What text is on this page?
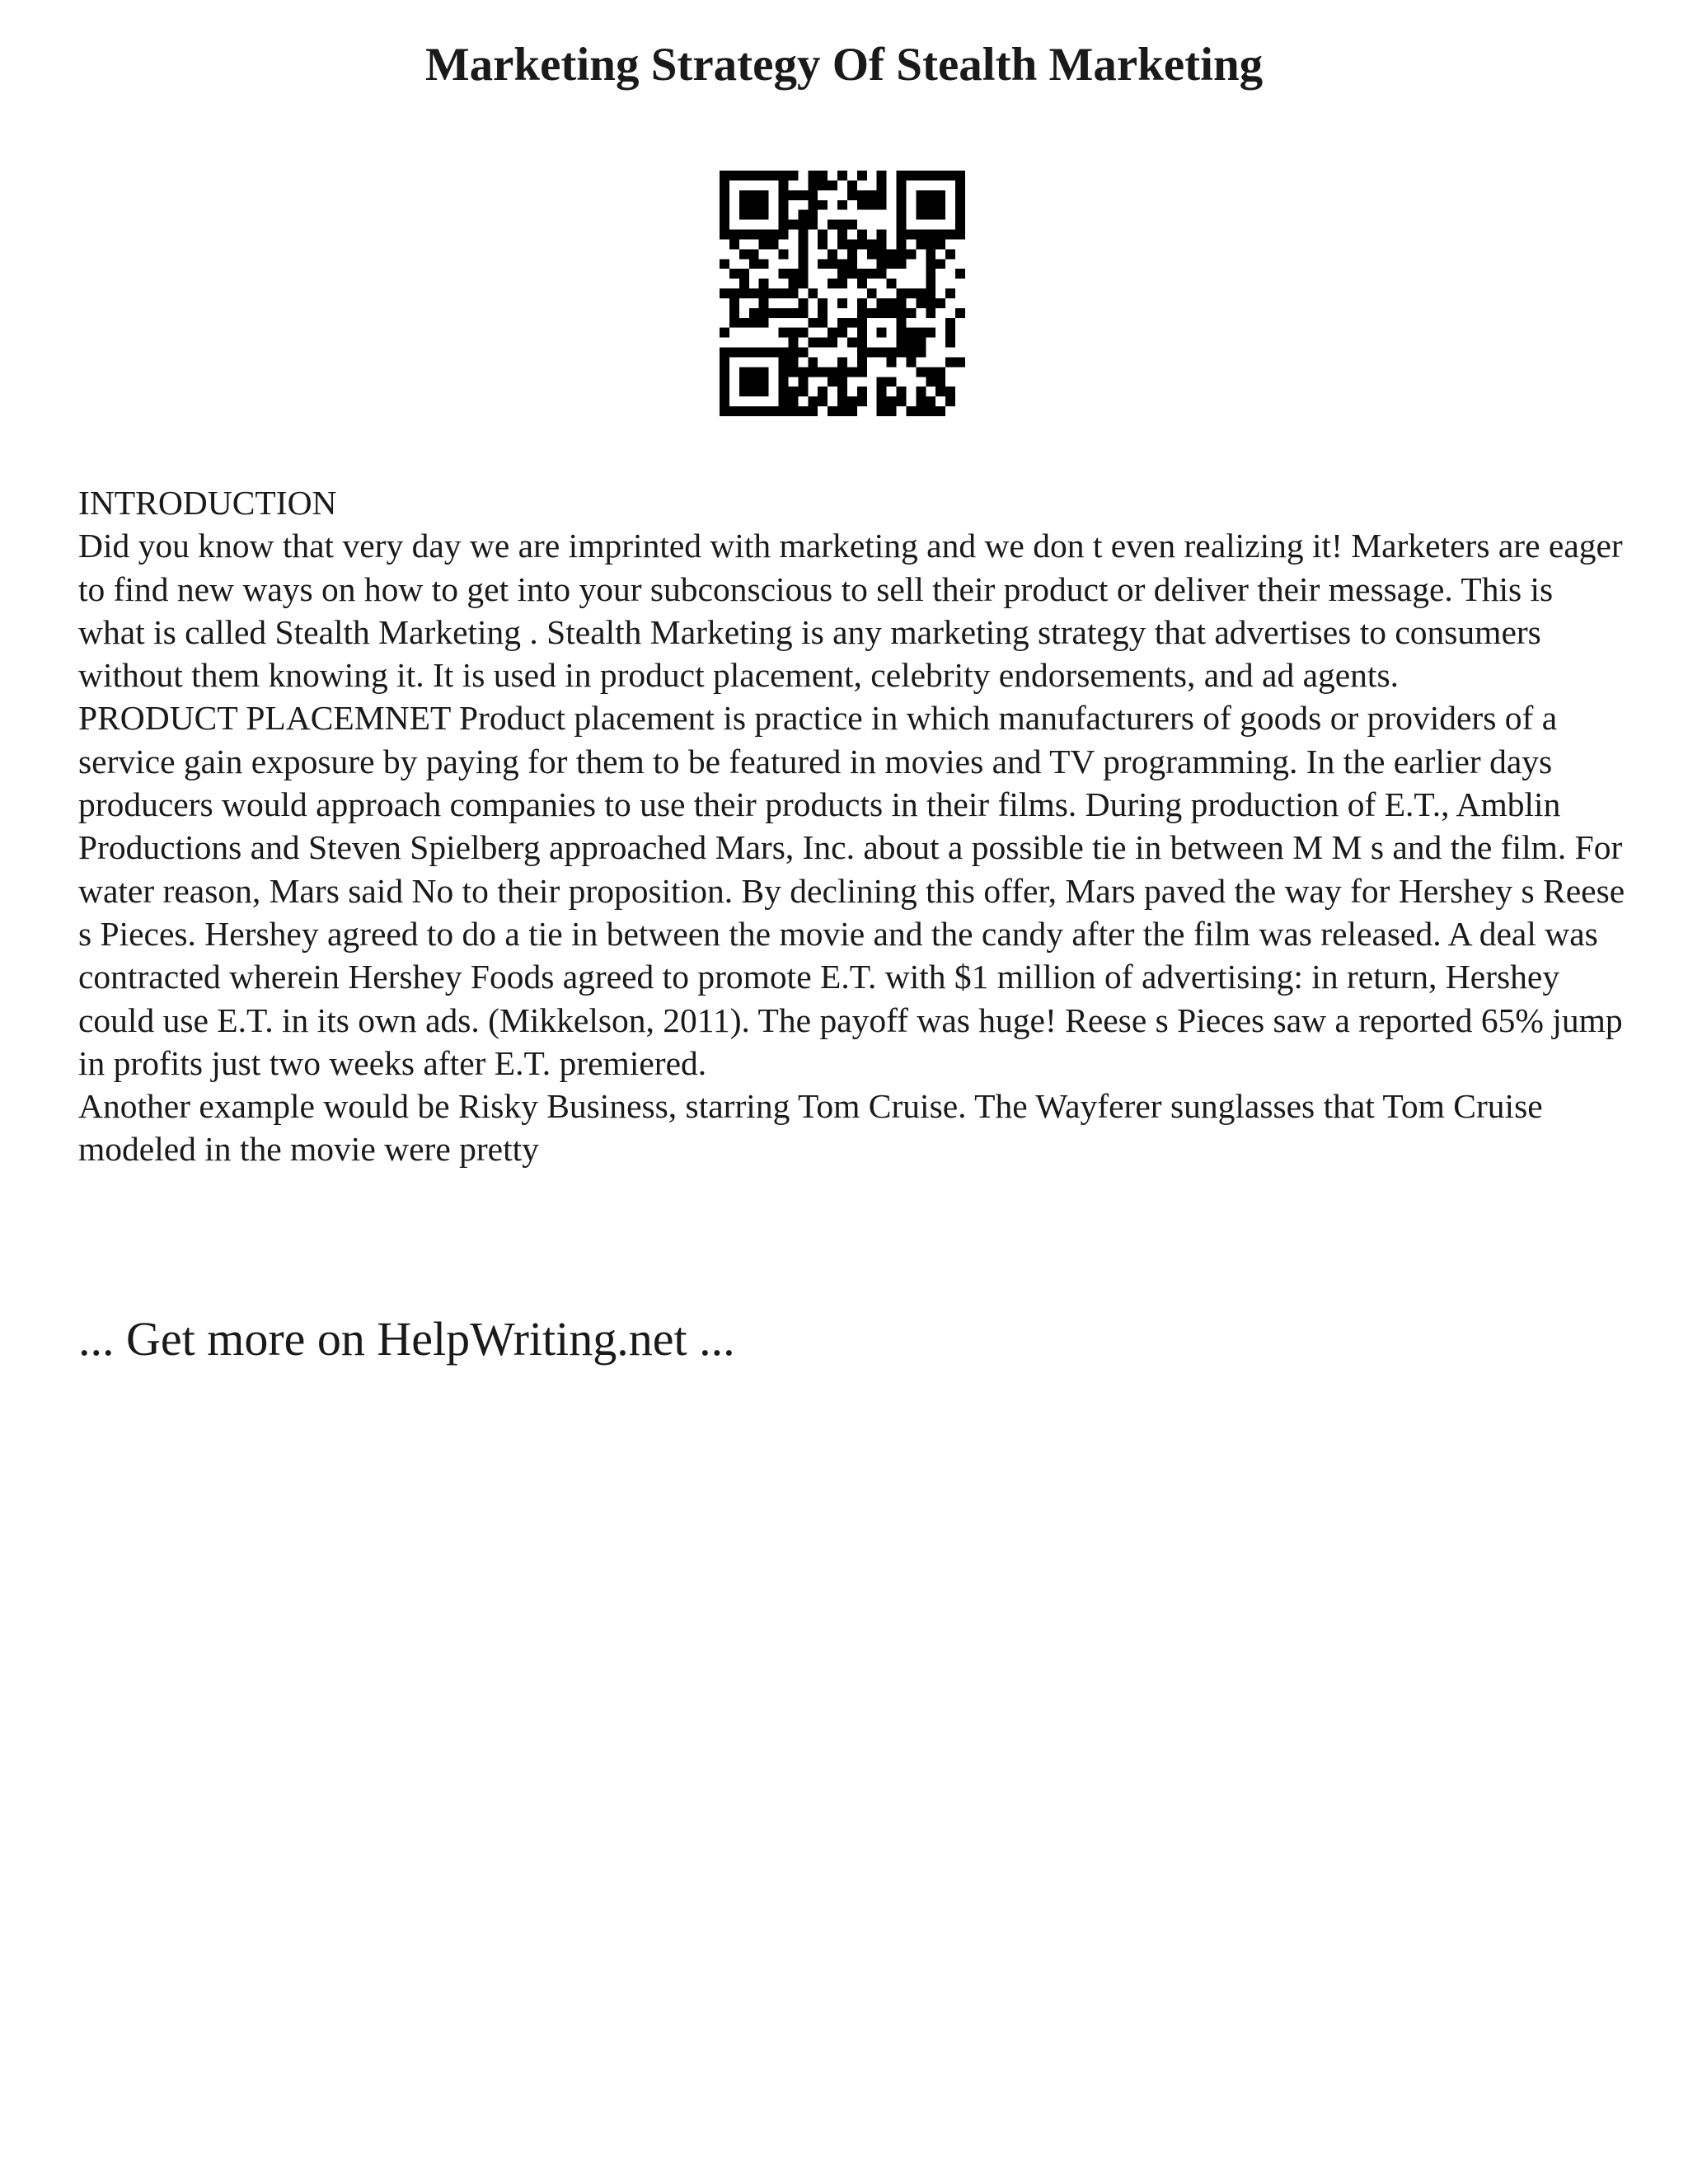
Marketing Strategy Of Stealth Marketing

INTRODUCTION

Did you know that very day we are imprinted with marketing and we don t even realizing it! Marketers are eager to find new ways on how to get into your subconscious to sell their product or deliver their message. This is what is called Stealth Marketing . Stealth Marketing is any marketing strategy that advertises to consumers without them knowing it. It is used in product placement, celebrity endorsements, and ad agents.

PRODUCT PLACEMNET Product placement is practice in which manufacturers of goods or providers of a service gain exposure by paying for them to be featured in movies and TV programming. In the earlier days producers would approach companies to use their products in their films. During production of E.T., Amblin Productions and Steven Spielberg approached Mars, Inc. about a possible tie in between M M s and the film. For water reason, Mars said No to their proposition. By declining this offer, Mars paved the way for Hershey s Reese s Pieces. Hershey agreed to do a tie in between the movie and the candy after the film was released. A deal was contracted wherein Hershey Foods agreed to promote E.T. with $1 million of advertising: in return, Hershey could use E.T. in its own ads. (Mikkelson, 2011). The payoff was huge! Reese s Pieces saw a reported 65% jump in profits just two weeks after E.T. premiered.

Another example would be Risky Business, starring Tom Cruise. The Wayferer sunglasses that Tom Cruise modeled in the movie were pretty

... Get more on HelpWriting.net ...
